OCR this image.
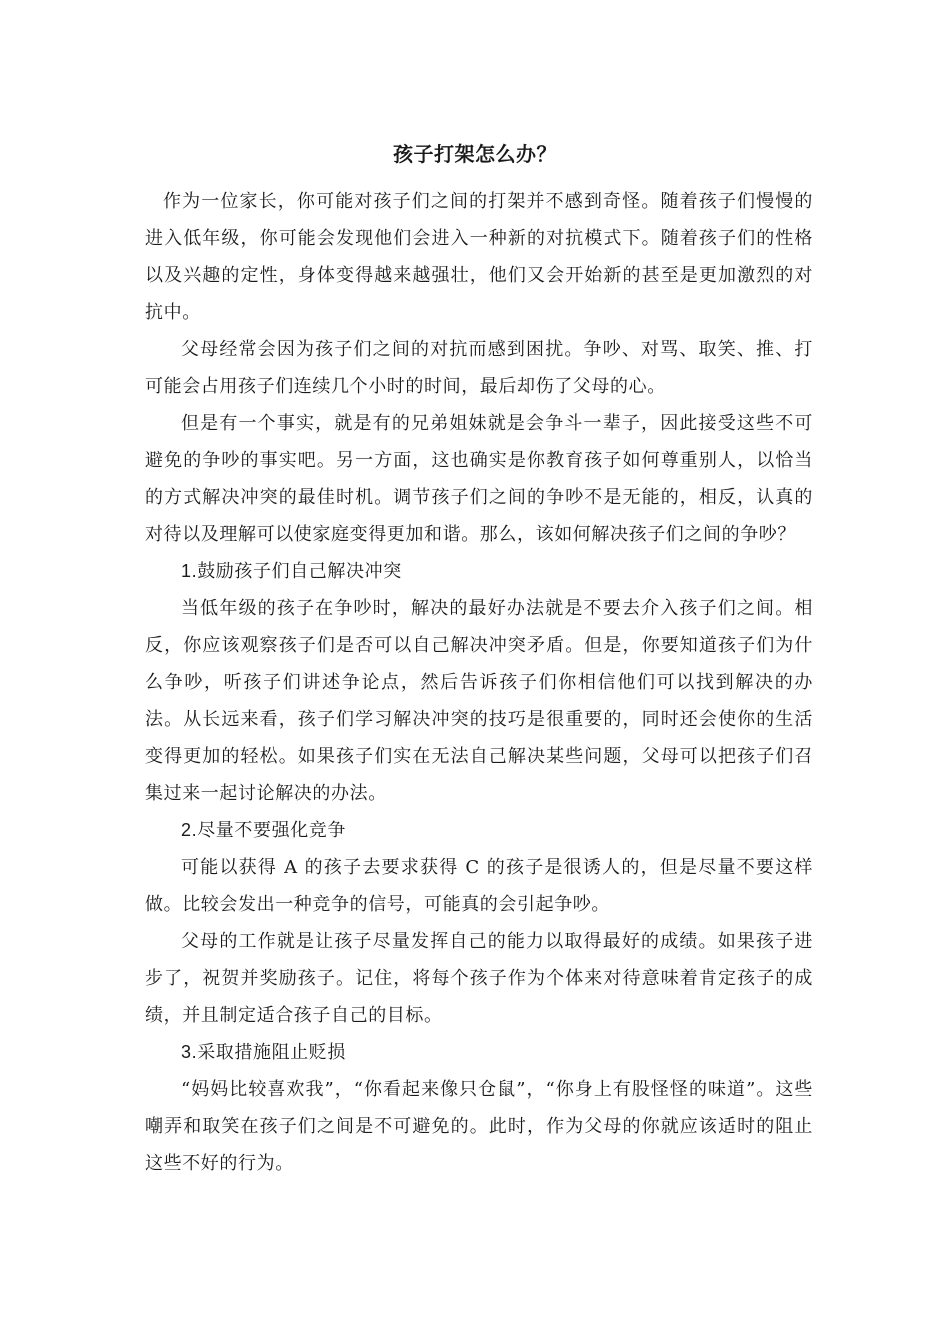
孩子打架怎么办？

作为一位家长，你可能对孩子们之间的打架并不感到奇怪。随着孩子们慢慢的进入低年级，你可能会发现他们会进入一种新的对抗模式下。随着孩子们的性格以及兴趣的定性，身体变得越来越强壮，他们又会开始新的甚至是更加激烈的对抗中。

父母经常会因为孩子们之间的对抗而感到困扰。争吵、对骂、取笑、推、打可能会占用孩子们连续几个小时的时间，最后却伤了父母的心。

但是有一个事实，就是有的兄弟姐妹就是会争斗一辈子，因此接受这些不可避免的争吵的事实吧。另一方面，这也确实是你教育孩子如何尊重别人，以恰当的方式解决冲突的最佳时机。调节孩子们之间的争吵不是无能的，相反，认真的对待以及理解可以使家庭变得更加和谐。那么，该如何解决孩子们之间的争吵？

1.鼓励孩子们自己解决冲突

当低年级的孩子在争吵时，解决的最好办法就是不要去介入孩子们之间。相反，你应该观察孩子们是否可以自己解决冲突矛盾。但是，你要知道孩子们为什么争吵，听孩子们讲述争论点，然后告诉孩子们你相信他们可以找到解决的办法。从长远来看，孩子们学习解决冲突的技巧是很重要的，同时还会使你的生活变得更加的轻松。如果孩子们实在无法自己解决某些问题，父母可以把孩子们召集过来一起讨论解决的办法。

2.尽量不要强化竞争

可能以获得 A 的孩子去要求获得 C 的孩子是很诱人的，但是尽量不要这样做。比较会发出一种竞争的信号，可能真的会引起争吵。

父母的工作就是让孩子尽量发挥自己的能力以取得最好的成绩。如果孩子进步了，祝贺并奖励孩子。记住，将每个孩子作为个体来对待意味着肯定孩子的成绩，并且制定适合孩子自己的目标。

3.采取措施阻止贬损

“妈妈比较喜欢我”，“你看起来像只仓鼠”，“你身上有股怪怪的味道”。这些嘲弄和取笑在孩子们之间是不可避免的。此时，作为父母的你就应该适时的阻止这些不好的行为。
